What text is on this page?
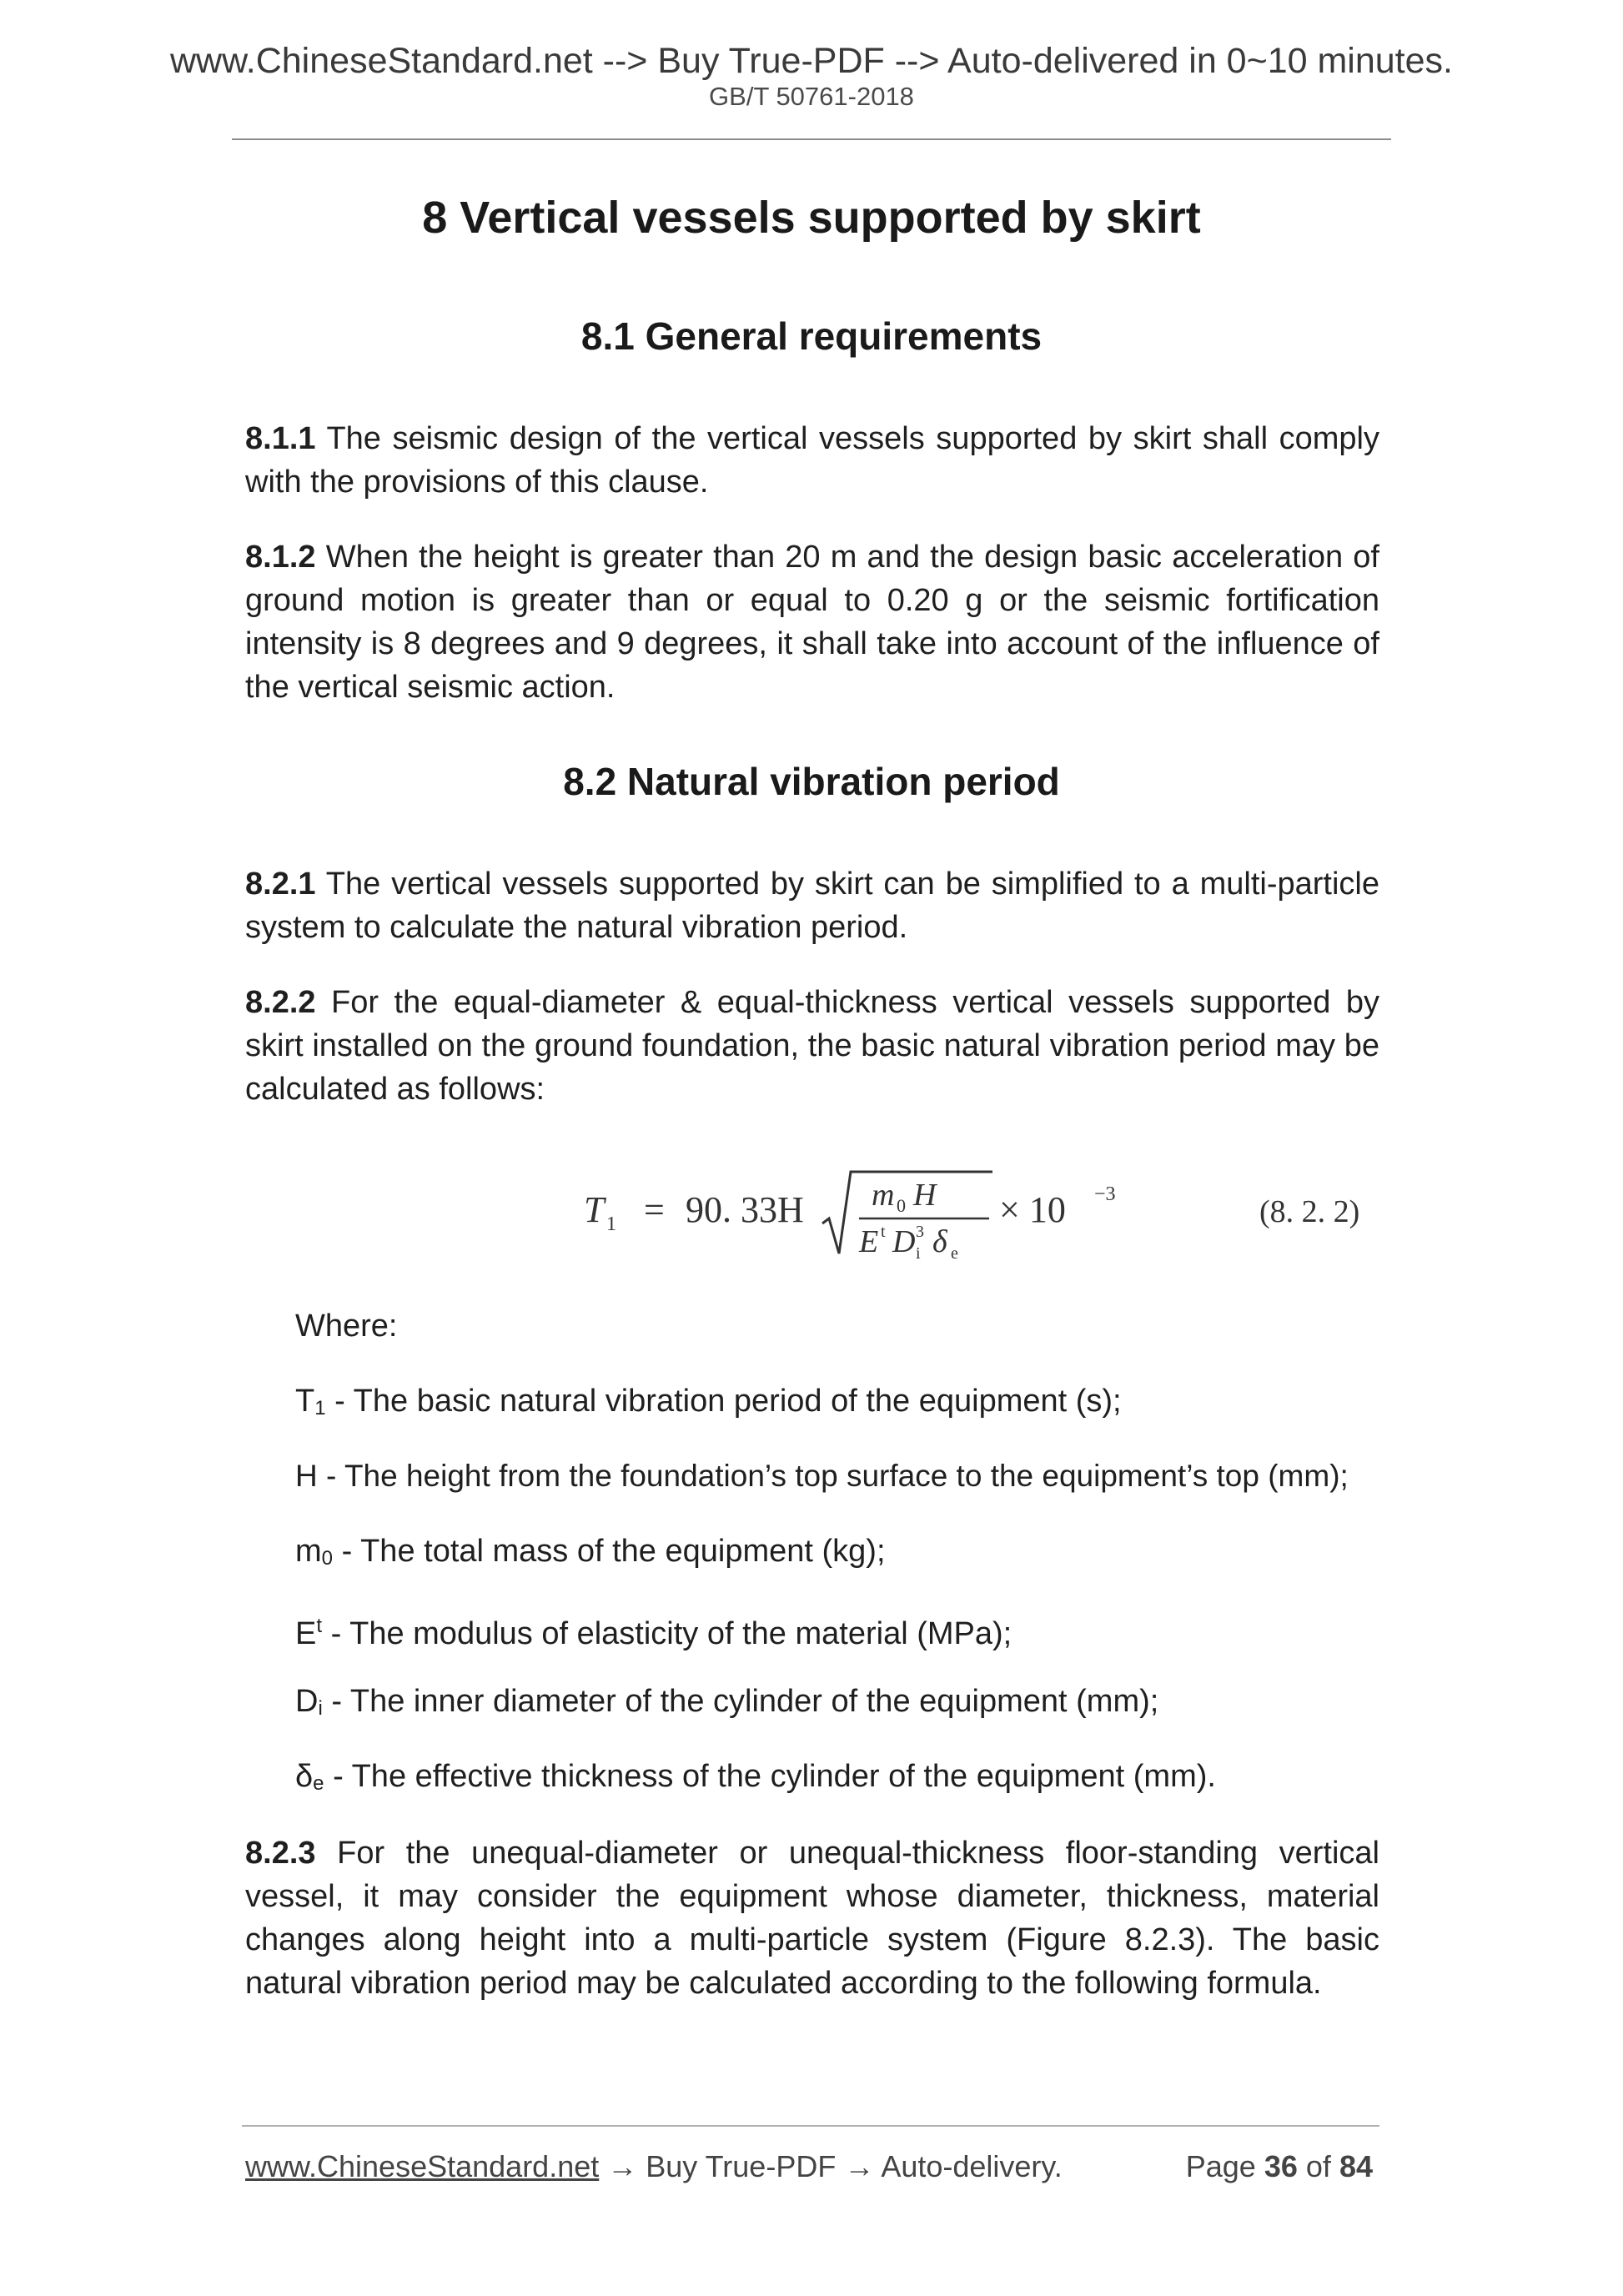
www.ChineseStandard.net --> Buy True-PDF --> Auto-delivered in 0~10 minutes.
GB/T 50761-2018
8 Vertical vessels supported by skirt
8.1 General requirements
8.1.1 The seismic design of the vertical vessels supported by skirt shall comply with the provisions of this clause.
8.1.2 When the height is greater than 20 m and the design basic acceleration of ground motion is greater than or equal to 0.20 g or the seismic fortification intensity is 8 degrees and 9 degrees, it shall take into account of the influence of the vertical seismic action.
8.2 Natural vibration period
8.2.1 The vertical vessels supported by skirt can be simplified to a multi-particle system to calculate the natural vibration period.
8.2.2 For the equal-diameter & equal-thickness vertical vessels supported by skirt installed on the ground foundation, the basic natural vibration period may be calculated as follows:
T 1 = 90. 33H m 0 H
E t D 3
i δ e
× 10 −3	(8. 2. 2)
Where:
$T_1$ - The basic natural vibration period of the equipment (s);
H - The height from the foundation’s top surface to the equipment’s top (mm);
$m_0$ - The total mass of the equipment (kg);
$E^t$ - The modulus of elasticity of the material (MPa);
$D_i$ - The inner diameter of the cylinder of the equipment (mm);
$\delta_e$ - The effective thickness of the cylinder of the equipment (mm).
8.2.3 For the unequal-diameter or unequal-thickness floor-standing vertical vessel, it may consider the equipment whose diameter, thickness, material changes along height into a multi-particle system (Figure 8.2.3). The basic natural vibration period may be calculated according to the following formula.
www.ChineseStandard.net → Buy True-PDF → Auto-delivery.	Page 36 of 84
